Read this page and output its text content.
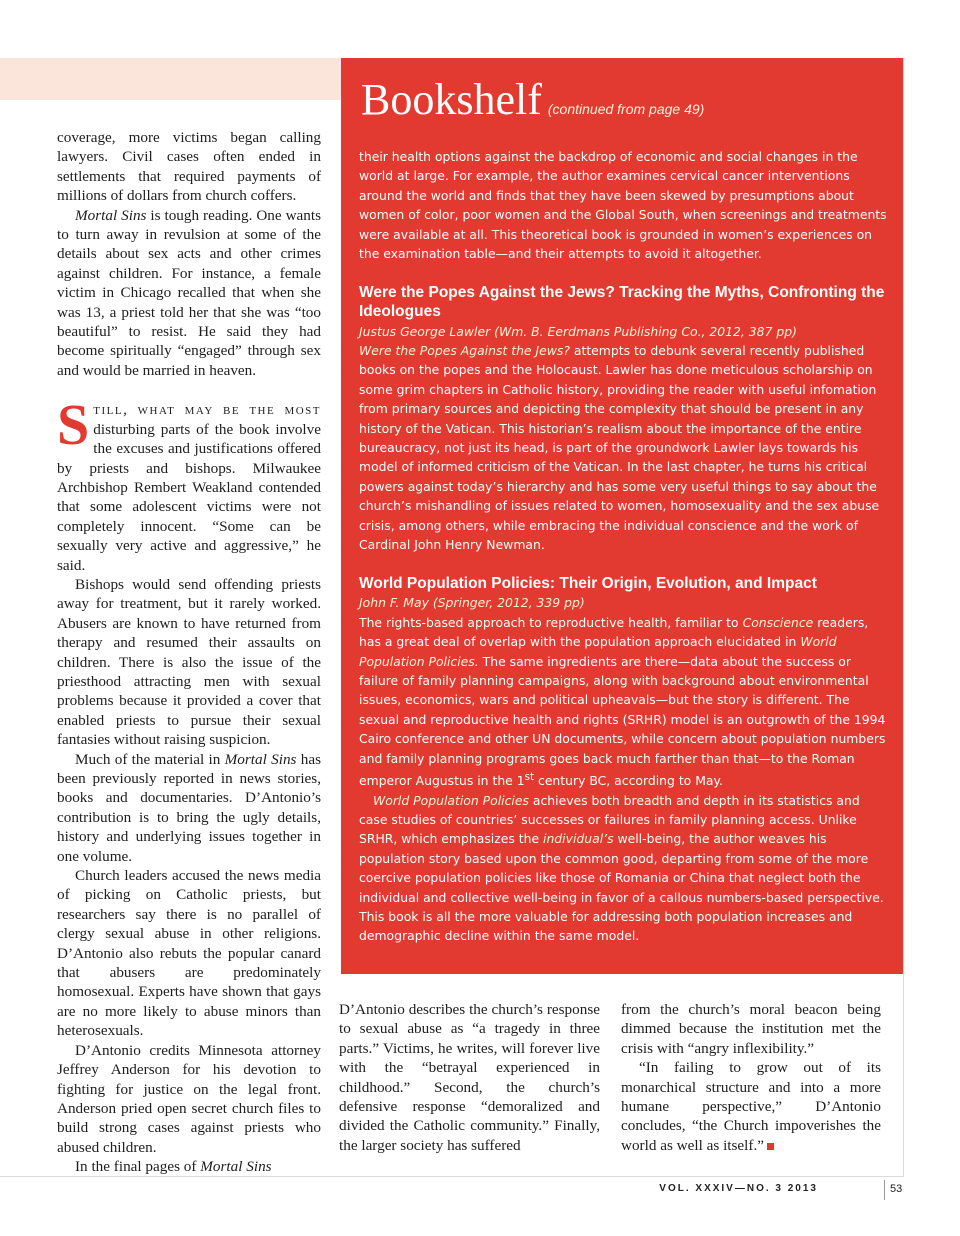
Bookshelf (continued from page 49)

their health options against the backdrop of economic and social changes in the world at large. For example, the author examines cervical cancer interventions around the world and finds that they have been skewed by presumptions about women of color, poor women and the Global South, when screenings and treatments were available at all. This theoretical book is grounded in women’s experiences on the examination table—and their attempts to avoid it altogether.

Were the Popes Against the Jews? Tracking the Myths, Confronting the Ideologues

Justus George Lawler (Wm. B. Eerdmans Publishing Co., 2012, 387 pp)

Were the Popes Against the Jews? attempts to debunk several recently published books on the popes and the Holocaust. Lawler has done meticulous scholarship on some grim chapters in Catholic history, providing the reader with useful infomation from primary sources and depicting the complexity that should be present in any history of the Vatican. This historian’s realism about the importance of the entire bureaucracy, not just its head, is part of the groundwork Lawler lays towards his model of informed criticism of the Vatican. In the last chapter, he turns his critical powers against today’s hierarchy and has some very useful things to say about the church’s mishandling of issues related to women, homosexuality and the sex abuse crisis, among others, while embracing the individual conscience and the work of Cardinal John Henry Newman.

World Population Policies: Their Origin, Evolution, and Impact

John F. May (Springer, 2012, 339 pp)

The rights-based approach to reproductive health, familiar to Conscience readers, has a great deal of overlap with the population approach elucidated in World Population Policies. The same ingredients are there—data about the success or failure of family planning campaigns, along with background about environmental issues, economics, wars and political upheavals—but the story is different. The sexual and reproductive health and rights (SRHR) model is an outgrowth of the 1994 Cairo conference and other UN documents, while concern about population numbers and family planning programs goes back much farther than that—to the Roman emperor Augustus in the 1st century BC, according to May.

World Population Policies achieves both breadth and depth in its statistics and case studies of countries’ successes or failures in family planning access. Unlike SRHR, which emphasizes the individual’s well-being, the author weaves his population story based upon the common good, departing from some of the more coercive population policies like those of Romania or China that neglect both the individual and collective well-being in favor of a callous numbers-based perspective. This book is all the more valuable for addressing both population increases and demographic decline within the same model.

coverage, more victims began calling lawyers. Civil cases often ended in settlements that required payments of millions of dollars from church coffers.

Mortal Sins is tough reading. One wants to turn away in revulsion at some of the details about sex acts and other crimes against children. For instance, a female victim in Chicago recalled that when she was 13, a priest told her that she was “too beautiful” to resist. He said they had become spiritually “engaged” through sex and would be married in heaven.

Still, what may be the most disturbing parts of the book involve the excuses and justifications offered by priests and bishops. Milwaukee Archbishop Rembert Weakland contended that some adolescent victims were not completely innocent. “Some can be sexually very active and aggressive,” he said.

Bishops would send offending priests away for treatment, but it rarely worked. Abusers are known to have returned from therapy and resumed their assaults on children. There is also the issue of the priesthood attracting men with sexual problems because it provided a cover that enabled priests to pursue their sexual fantasies without raising suspicion.

Much of the material in Mortal Sins has been previously reported in news stories, books and documentaries. D’Antonio’s contribution is to bring the ugly details, history and underlying issues together in one volume.

Church leaders accused the news media of picking on Catholic priests, but researchers say there is no parallel of clergy sexual abuse in other religions. D’Antonio also rebuts the popular canard that abusers are predominately homosexual. Experts have shown that gays are no more likely to abuse minors than heterosexuals.

D’Antonio credits Minnesota attorney Jeffrey Anderson for his devotion to fighting for justice on the legal front. Anderson pried open secret church files to build strong cases against priests who abused children.

In the final pages of Mortal Sins

D’Antonio describes the church’s response to sexual abuse as “a tragedy in three parts.” Victims, he writes, will forever live with the “betrayal experienced in childhood.” Second, the church’s defensive response “demoralized and divided the Catholic community.” Finally, the larger society has suffered

from the church’s moral beacon being dimmed because the institution met the crisis with “angry inflexibility.”

“In failing to grow out of its monarchical structure and into a more humane perspective,” D’Antonio concludes, “the Church impoverishes the world as well as itself.”

VOL. XXXIV—NO. 3 2013	53
